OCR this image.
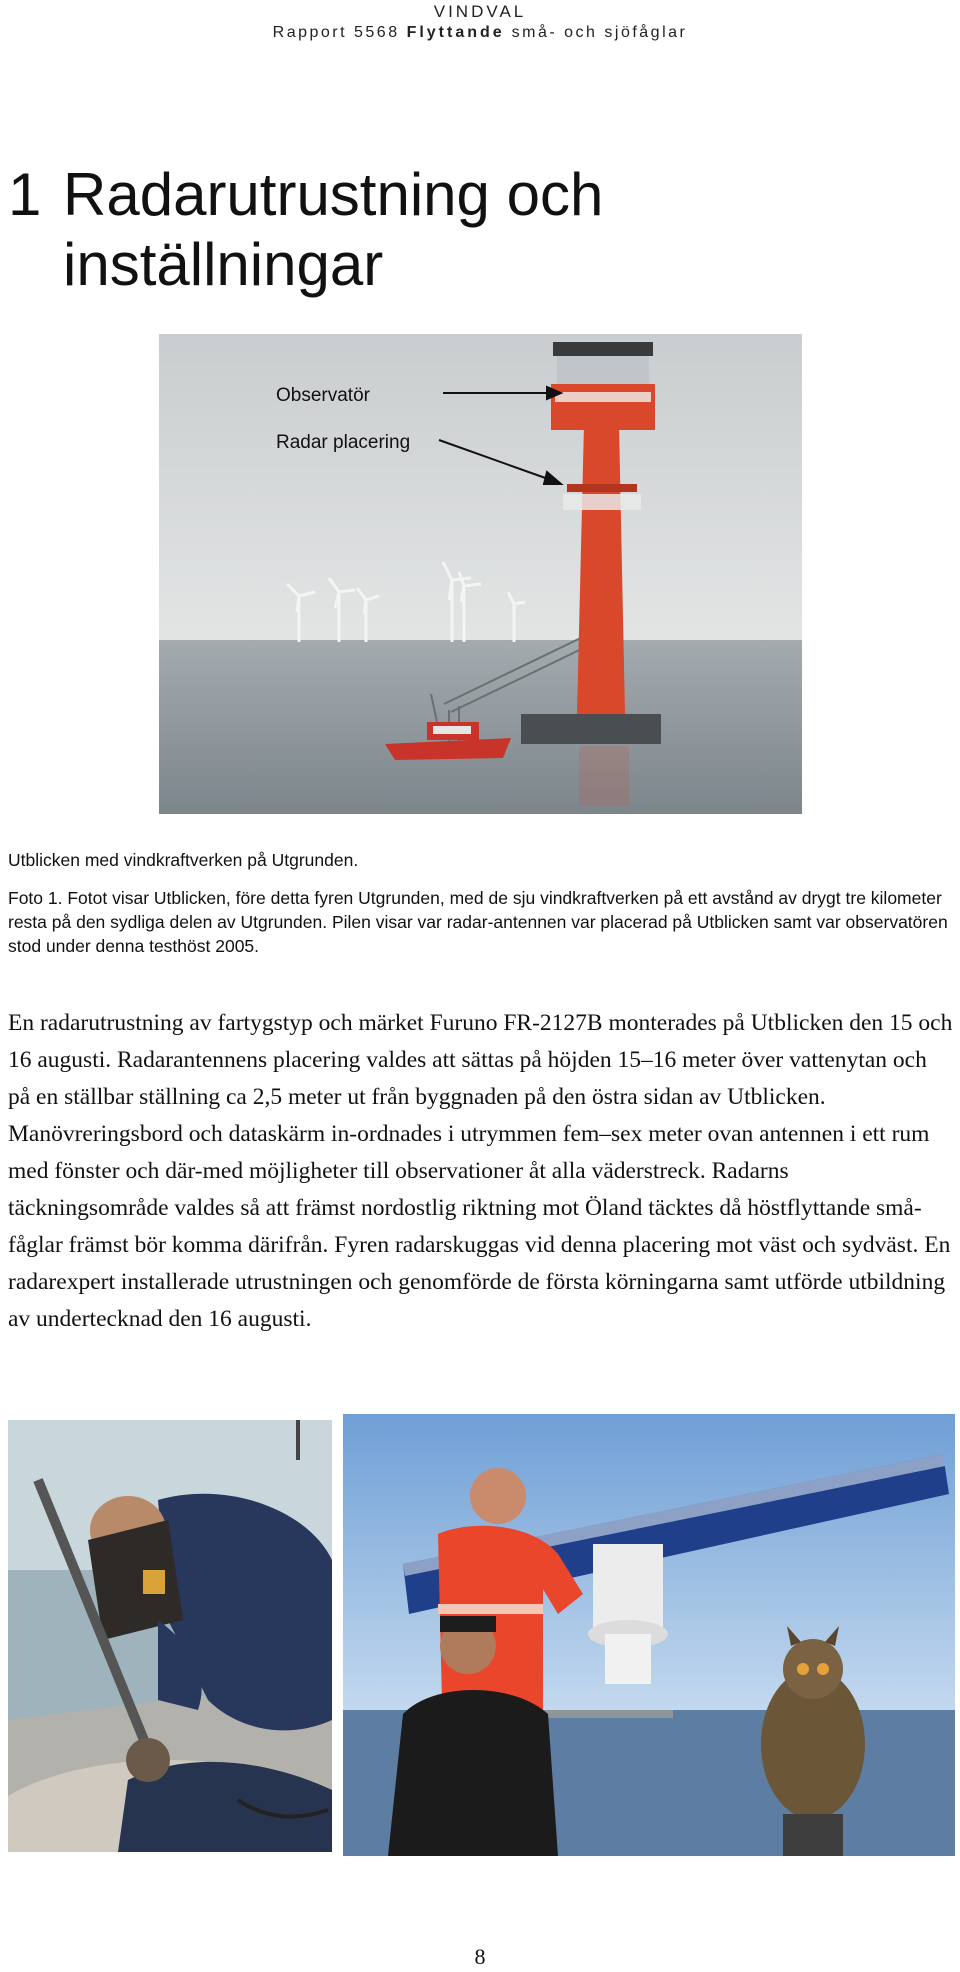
VINDVAL
Rapport 5568 Flyttande små- och sjöfåglar
1 Radarutrustning och
inställningar
Observatör
Radar placering
Utblicken med vindkraftverken på Utgrunden.
Foto 1. Fotot visar Utblicken, före detta fyren Utgrunden, med de sju vindkraftverken på ett avstånd av drygt tre kilometer resta på den sydliga delen av Utgrunden. Pilen visar var radar-antennen var placerad på Utblicken samt var observatören stod under denna testhöst 2005.

En radarutrustning av fartygstyp och märket Furuno FR-2127B monterades på Utblicken den 15 och 16 augusti. Radarantennens placering valdes att sättas på höjden 15–16 meter över vattenytan och på en ställbar ställning ca 2,5 meter ut från byggnaden på den östra sidan av Utblicken. Manövreringsbord och dataskärm in-ordnades i utrymmen fem–sex meter ovan antennen i ett rum med fönster och där-med möjligheter till observationer åt alla väderstreck. Radarns täckningsområde valdes så att främst nordostlig riktning mot Öland täcktes då höstflyttande små-fåglar främst bör komma därifrån. Fyren radarskuggas vid denna placering mot väst och sydväst. En radarexpert installerade utrustningen och genomförde de första körningarna samt utförde utbildning av undertecknad den 16 augusti.

8
